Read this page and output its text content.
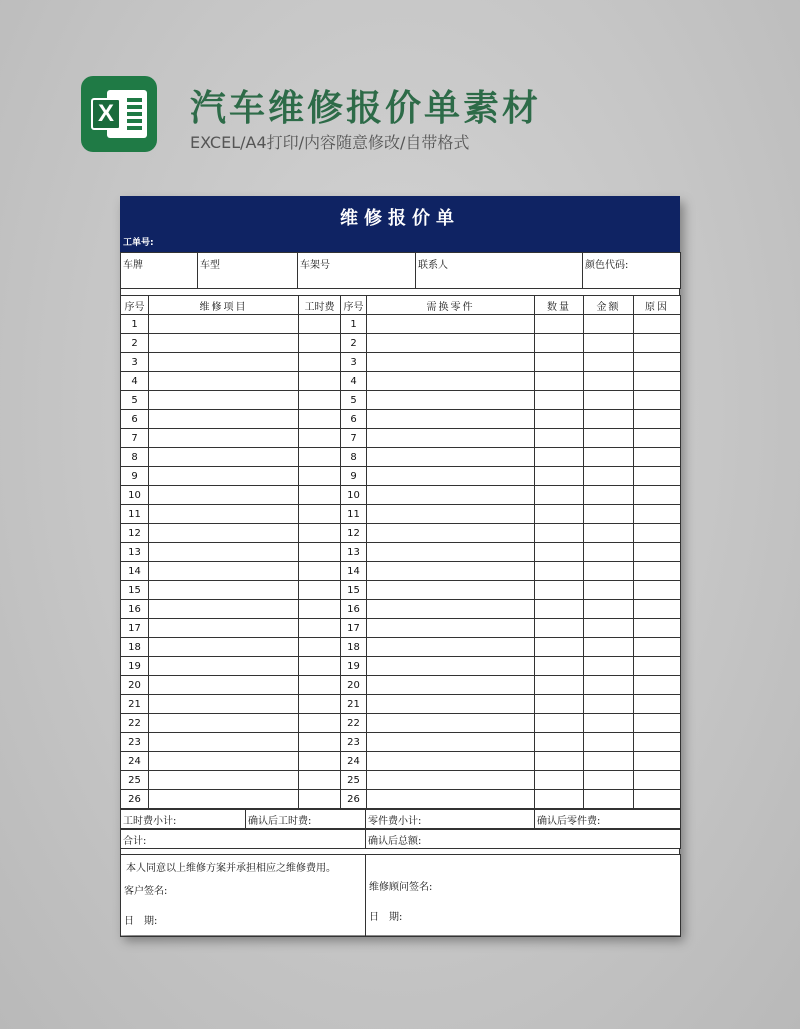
X 汽车维修报价单素材
EXCEL/A4打印/内容随意修改/自带格式
维修报价单
工单号:
车牌	车型	车架号	联系人	颜色代码:
序号	维修项目	工时费	序号	需换零件	数量	金额	原因
1			1				
2			2				
3			3				
4			4				
5			5				
6			6				
7			7				
8			8				
9			9				
10			10				
11			11				
12			12				
13			13				
14			14				
15			15				
16			16				
17			17				
18			18				
19			19				
20			20				
21			21				
22			22				
23			23				
24			24				
25			25				
26			26				
工时费小计:	确认后工时费:	零件费小计:	确认后零件费:
合计:	确认后总额:
本人同意以上维修方案并承担相应之维修费用。
客户签名:
日　期:

维修顾问签名:
日　期:
